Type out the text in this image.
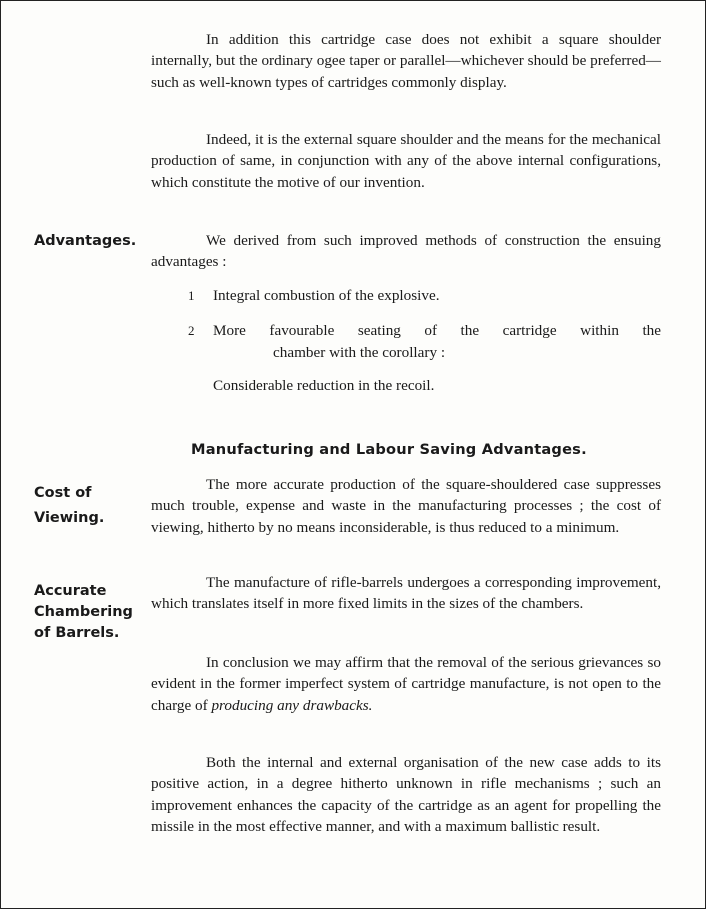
In addition this cartridge case does not exhibit a square shoulder internally, but the ordinary ogee taper or parallel—whichever should be preferred—such as well-known types of cartridges commonly display.

Indeed, it is the external square shoulder and the means for the mechanical production of same, in conjunction with any of the above internal configurations, which constitute the motive of our invention.

Advantages.	We derived from such improved methods of construction the ensuing advantages :

1 Integral combustion of the explosive.
2 More favourable seating of the cartridge within the
chamber with the corollary :
Considerable reduction in the recoil.
Manufacturing and Labour Saving Advantages.
Cost of
Viewing.

The more accurate production of the square-shouldered case suppresses much trouble, expense and waste in the manufacturing processes ; the cost of viewing, hitherto by no means inconsiderable, is thus reduced to a minimum.

Accurate
Chambering
of Barrels.

The manufacture of rifle-barrels undergoes a corresponding improvement, which translates itself in more fixed limits in the sizes of the chambers.

In conclusion we may affirm that the removal of the serious grievances so evident in the former imperfect system of cartridge manufacture, is not open to the charge of producing any drawbacks.

Both the internal and external organisation of the new case adds to its positive action, in a degree hitherto unknown in rifle mechanisms ; such an improvement enhances the capacity of the cartridge as an agent for propelling the missile in the most effective manner, and with a maximum ballistic result.
